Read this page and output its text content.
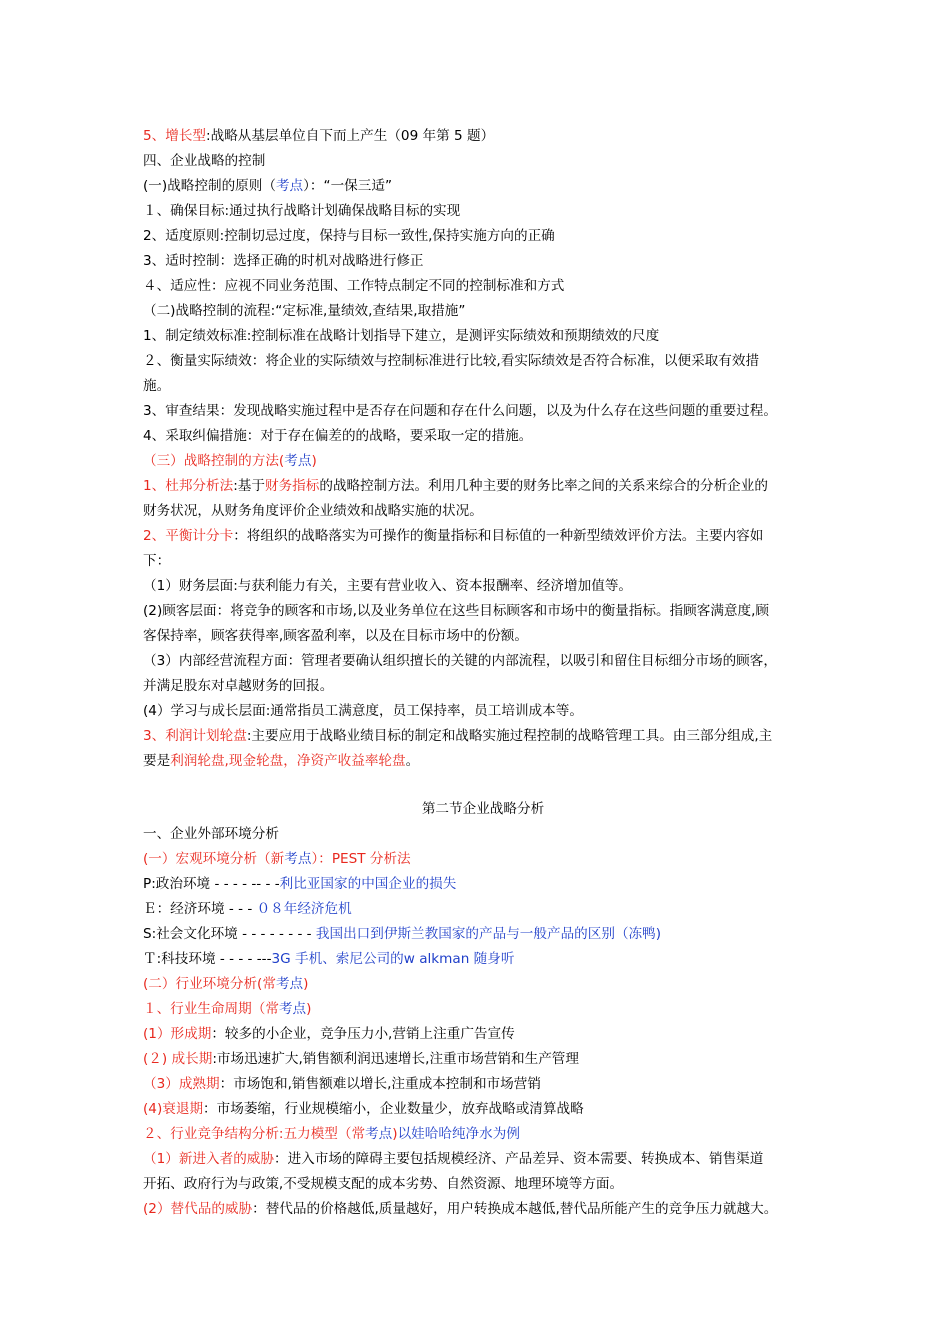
5、增长型:战略从基层单位自下而上产生（09 年第 5 题）
四、企业战略的控制
(一)战略控制的原则（考点）：“一保三适”
１、确保目标:通过执行战略计划确保战略目标的实现
2、适度原则:控制切忌过度，保持与目标一致性,保持实施方向的正确
3、适时控制：选择正确的时机对战略进行修正
４、适应性：应视不同业务范围、工作特点制定不同的控制标准和方式
（二)战略控制的流程:“定标准,量绩效,查结果,取措施”
1、制定绩效标准:控制标准在战略计划指导下建立，是测评实际绩效和预期绩效的尺度
２、衡量实际绩效：将企业的实际绩效与控制标准进行比较,看实际绩效是否符合标准，以便采取有效措
施。
3、审查结果：发现战略实施过程中是否存在问题和存在什么问题，以及为什么存在这些问题的重要过程。
4、采取纠偏措施：对于存在偏差的的战略，要采取一定的措施。
（三）战略控制的方法(考点)
1、杜邦分析法:基于财务指标的战略控制方法。利用几种主要的财务比率之间的关系来综合的分析企业的
财务状况，从财务角度评价企业绩效和战略实施的状况。
2、平衡计分卡：将组织的战略落实为可操作的衡量指标和目标值的一种新型绩效评价方法。主要内容如
下：
（1）财务层面:与获利能力有关，主要有营业收入、资本报酬率、经济增加值等。
(2)顾客层面：将竞争的顾客和市场,以及业务单位在这些目标顾客和市场中的衡量指标。指顾客满意度,顾
客保持率，顾客获得率,顾客盈利率，以及在目标市场中的份额。
（3）内部经营流程方面：管理者要确认组织擅长的关键的内部流程，以吸引和留住目标细分市场的顾客，
并满足股东对卓越财务的回报。
(4）学习与成长层面:通常指员工满意度，员工保持率，员工培训成本等。
3、利润计划轮盘:主要应用于战略业绩目标的制定和战略实施过程控制的战略管理工具。由三部分组成,主
要是利润轮盘,现金轮盘，净资产收益率轮盘。
第二节企业战略分析
一、企业外部环境分析
(一）宏观环境分析（新考点）：PEST 分析法
P:政治环境 - - - - -- - -利比亚国家的中国企业的损失
Ｅ：经济环境 - - - ０８年经济危机
S:社会文化环境 - - - - - - - - 我国出口到伊斯兰教国家的产品与一般产品的区别（冻鸭)
Ｔ:科技环境 - - - - ---3G 手机、索尼公司的w alkman 随身听
(二）行业环境分析(常考点)
１、行业生命周期（常考点)
(1）形成期：较多的小企业，竞争压力小,营销上注重广告宣传
(２) 成长期:市场迅速扩大,销售额利润迅速增长,注重市场营销和生产管理
（3）成熟期：市场饱和,销售额难以增长,注重成本控制和市场营销
(4)衰退期：市场萎缩，行业规模缩小，企业数量少，放弃战略或清算战略
２、行业竞争结构分析:五力模型（常考点)以娃哈哈纯净水为例
（1）新进入者的威胁：进入市场的障碍主要包括规模经济、产品差异、资本需要、转换成本、销售渠道
开拓、政府行为与政策,不受规模支配的成本劣势、自然资源、地理环境等方面。
(2）替代品的威胁：替代品的价格越低,质量越好，用户转换成本越低,替代品所能产生的竞争压力就越大。
